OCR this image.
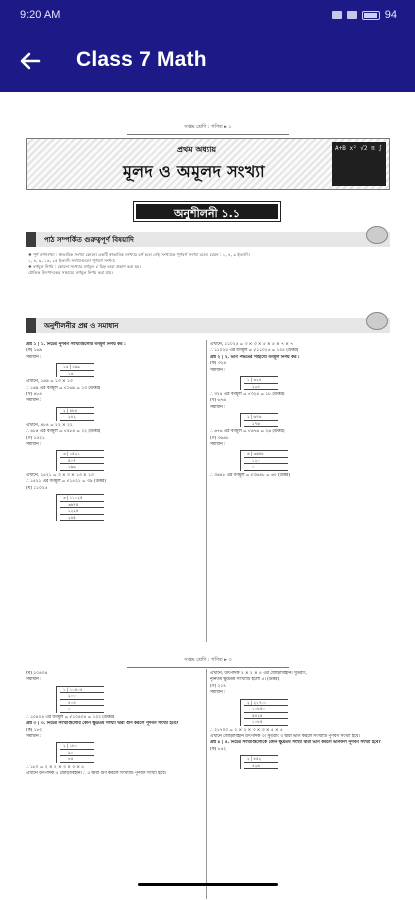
9:20 AM	94
Class 7 Math
সপ্তম শ্রেণি : গণিত ▸ ১
প্রথম অধ্যায়
মূলদ ও অমূলদ সংখ্যা
A+B x² √2 π ∫
অনুশীলনী ১.১
পাঠ সম্পর্কিত গুরুত্বপূর্ণ বিষয়াদি
❖ পূর্ণ বর্গসংখ্যা : স্বাভাবিক সংখ্যা কোনো একটি স্বাভাবিক সংখ্যার বর্গ হলে সেই সংখ্যাকে পূর্ণবর্গ সংখ্যা বলে। যেমন : ১, ৪, ৯ ইত্যাদি।
১, ৪, ৯, ১৬, ২৫ ইত্যাদি সংখ্যাগুলো পূর্ণবর্গ সংখ্যা।
❖ বর্গমূল নির্ণয় : কোনো সংখ্যার বর্গমূল √ চিহ্ন দ্বারা প্রকাশ করা হয়।
মৌলিক উৎপাদকের সাহায্যে বর্গমূল নির্ণয় করা যায়।
অনুশীলনীর প্রশ্ন ও সমাধান
প্রশ্ন ১ | ১. নিচের পূর্ণবর্গ সংখ্যাগুলোর বর্গমূল নির্ণয় কর :
(ক) ১৬৯
সমাধান :
১৩ | ১৬৯
১৩
এখানে, ১৬৯ = ১৩ × ১৩
∴ ১৬৯ এর বর্গমূল = √১৬৯ = ১৩ (উত্তর)
(খ) ৪৮৪
সমাধান :
২ | ৪৮৪
২৪২
এখানে, ৪৮৪ = ২২ × ২২
∴ ৪৮৪ এর বর্গমূল = √৪৮৪ = ২২ (উত্তর)
(গ) ১৫২১
সমাধান :
৩ | ১৫২১
৫০৭
১৬৯
এখানে, ১৫২১ = ৩ × ৩ × ১৩ × ১৩
∴ ১৫২১ এর বর্গমূল = √১৫২১ = ৩৯ (উত্তর)
(ঘ) ১১০২৫
৩ | ১১০২৫
৩৬৭৫
১২২৫
২৪৫
এখানে, ১১০২৫ = ৩ × ৩ × ৫ × ৫ × ৭ × ৭
∴ ১১০২৫ এর বর্গমূল = √১১০২৫ = ১০৫ (উত্তর)
প্রশ্ন ২ | ২. ভাগ পদ্ধতির সাহায্যে বর্গমূল নির্ণয় কর :
(ক) ৩২৪
সমাধান :
১ | ৩২৪
২২৪
∴ ৩২৪ এর বর্গমূল = √৩২৪ = ১৮ (উত্তর)
(খ) ৬৭৬
সমাধান :
২ | ৬৭৬
২৭৬
∴ ৬৭৬ এর বর্গমূল = √৬৭৬ = ২৬ (উত্তর)
(গ) ৩৬৪৮
সমাধান :
৬ | ৩৬৪৮
১২০
০
∴ ৩৬৪৮ এর বর্গমূল = √৩৬৪৮ = ৬০ (উত্তর)
সপ্তম শ্রেণি : গণিত ▸ ৩
(ঘ) ১০৪০৪
সমাধান :
১ | ১০৪০৪
২০০
৪০৪
০
∴ ১০৪০৪ এর বর্গমূল = √১০৪০৪ = ১০২ (উত্তর)
প্রশ্ন ৩ | ৩. নিচের সংখ্যাগুলোর কোন ক্ষুদ্রতম সংখ্যা দ্বারা গুণ করলে পূর্ণবর্গ সংখ্যা হবে?
(ক) ১৮০
সমাধান :
২ | ১৮০
৯০
৪৫
∴ ১৮০ = ২ × ২ × ৩ × ৩ × ৫
এখানে উৎপাদক ৫ জোড়াবিহীন। ∴ ৫ দ্বারা গুণ করলে সংখ্যাটি পূর্ণবর্গ সংখ্যা হবে।
এখানে, উৎপাদক ২ × ২ × ৫ এর জোড়াবিহীন। সুতরাং,
ন্যূনতম ক্ষুদ্রতম সংখ্যাটি হলো ৫। (উত্তর)
(গ) ২১৭
সমাধান :
২ | ২১৭০০
১০৮৫০
৫৪২৫
১০৮৫
∴ ২১৭০০ = ২ × ২ × ৩ × ৩ × ৫ × ৫
এখানে জোড়াবিহীন উৎপাদক ৩। সুতরাং ৩ দ্বারা ভাগ করলে সংখ্যাটি পূর্ণবর্গ সংখ্যা হবে।
প্রশ্ন ৪ | ৪. নিচের সংখ্যাগুলোকে কোন ক্ষুদ্রতম সংখ্যা দ্বারা ভাগ করলে ভাগফল পূর্ণবর্গ সংখ্যা হবে?
(ক) ৮৫২
২ | ৮৫২
৪২৬
